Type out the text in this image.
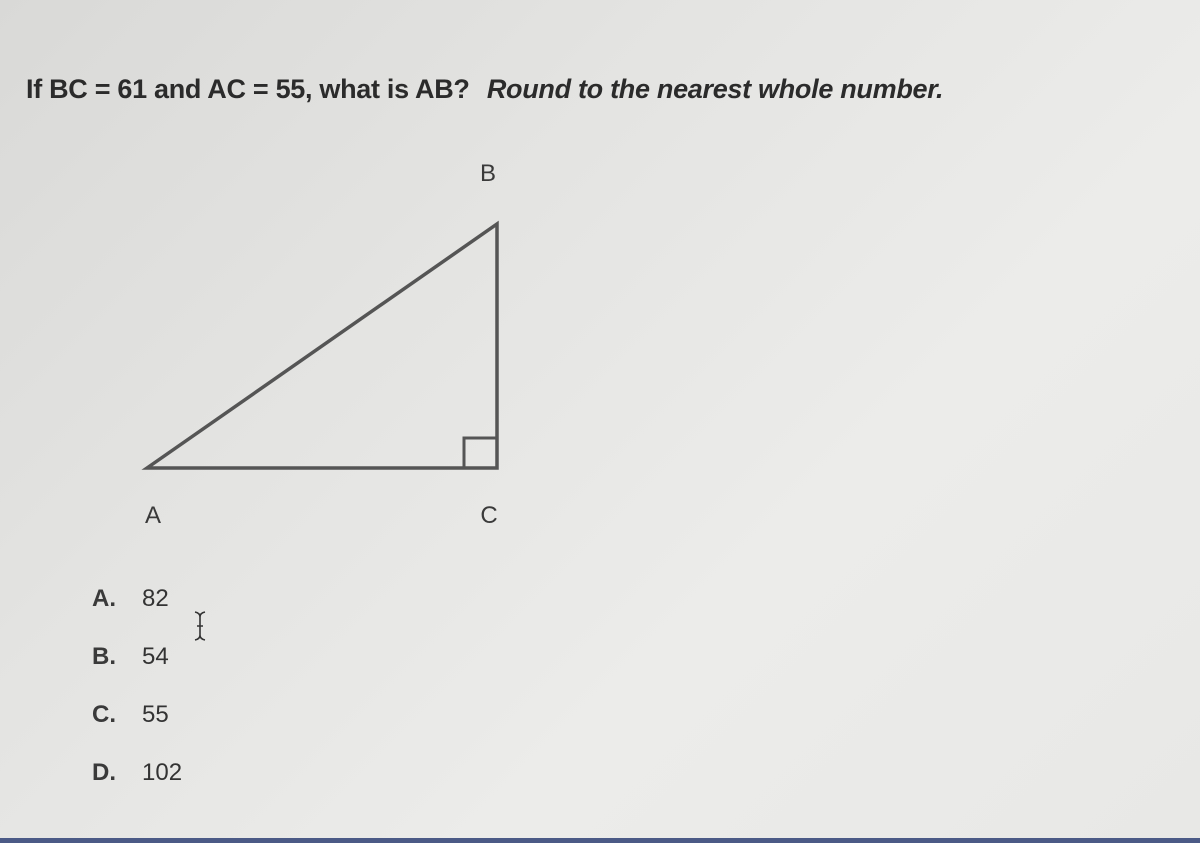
If BC = 61 and AC = 55, what is AB? Round to the nearest whole number.

B
A	C
A.	82
B.	54
C.	55
D.	102
